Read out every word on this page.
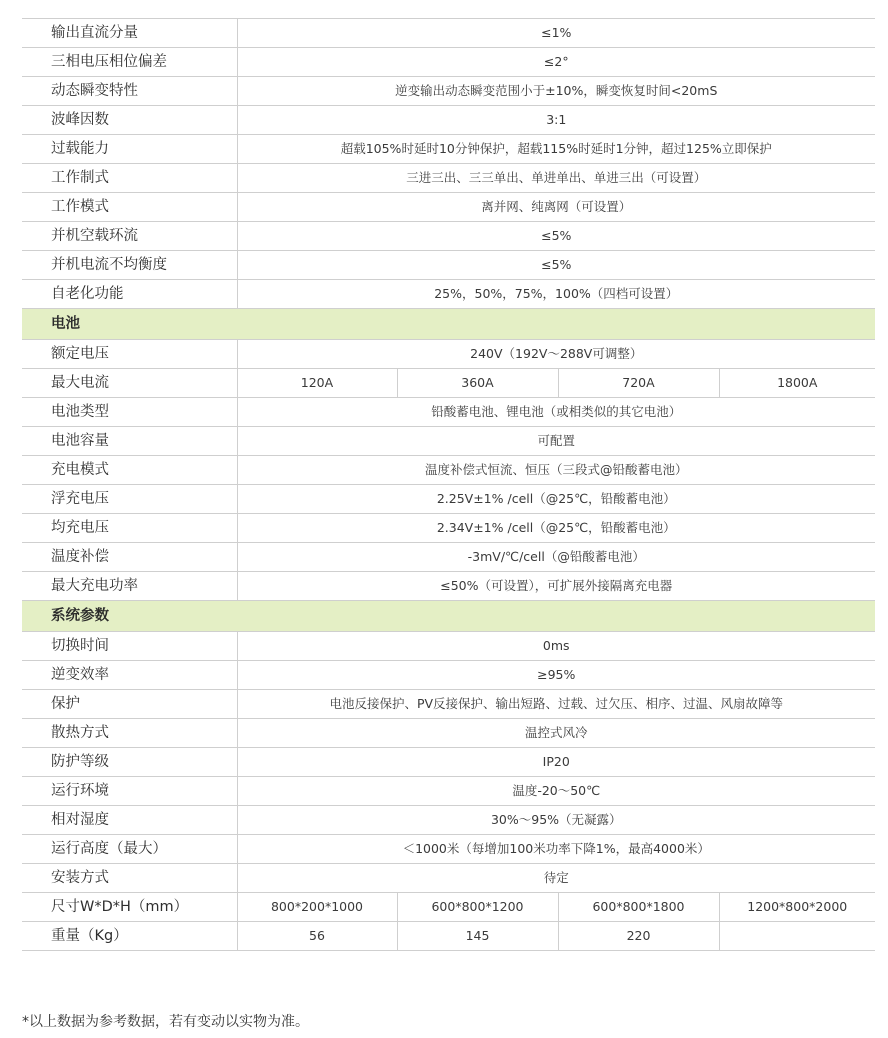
输出直流分量	≤1%			
三相电压相位偏差	≤2°			
动态瞬变特性	逆变输出动态瞬变范围小于±10%，瞬变恢复时间<20mS			
波峰因数	3:1			
过载能力	超载105%时延时10分钟保护，超载115%时延时1分钟，超过125%立即保护			
工作制式	三进三出、三三单出、单进单出、单进三出（可设置）			
工作模式	离并网、纯离网（可设置）			
并机空载环流	≤5%			
并机电流不均衡度	≤5%			
自老化功能	25%，50%，75%，100%（四档可设置）			
电池				
额定电压	240V（192V～288V可调整）			
最大电流	120A	360A	720A	1800A
电池类型	铅酸蓄电池、锂电池（或相类似的其它电池）			
电池容量	可配置			
充电模式	温度补偿式恒流、恒压（三段式@铅酸蓄电池）			
浮充电压	2.25V±1% /cell（@25℃，铅酸蓄电池）			
均充电压	2.34V±1% /cell（@25℃，铅酸蓄电池）			
温度补偿	-3mV/℃/cell（@铅酸蓄电池）			
最大充电功率	≤50%（可设置），可扩展外接隔离充电器			
系统参数				
切换时间	0ms			
逆变效率	≥95%			
保护	电池反接保护、PV反接保护、输出短路、过载、过欠压、相序、过温、风扇故障等			
散热方式	温控式风冷			
防护等级	IP20			
运行环境	温度-20～50℃			
相对湿度	30%～95%（无凝露）			
运行高度（最大）	＜1000米（每增加100米功率下降1%，最高4000米）			
安装方式	待定			
尺寸W*D*H（mm）	800*200*1000	600*800*1200	600*800*1800	1200*800*2000
重量（Kg）	56	145	220	
*以上数据为参考数据，若有变动以实物为准。
